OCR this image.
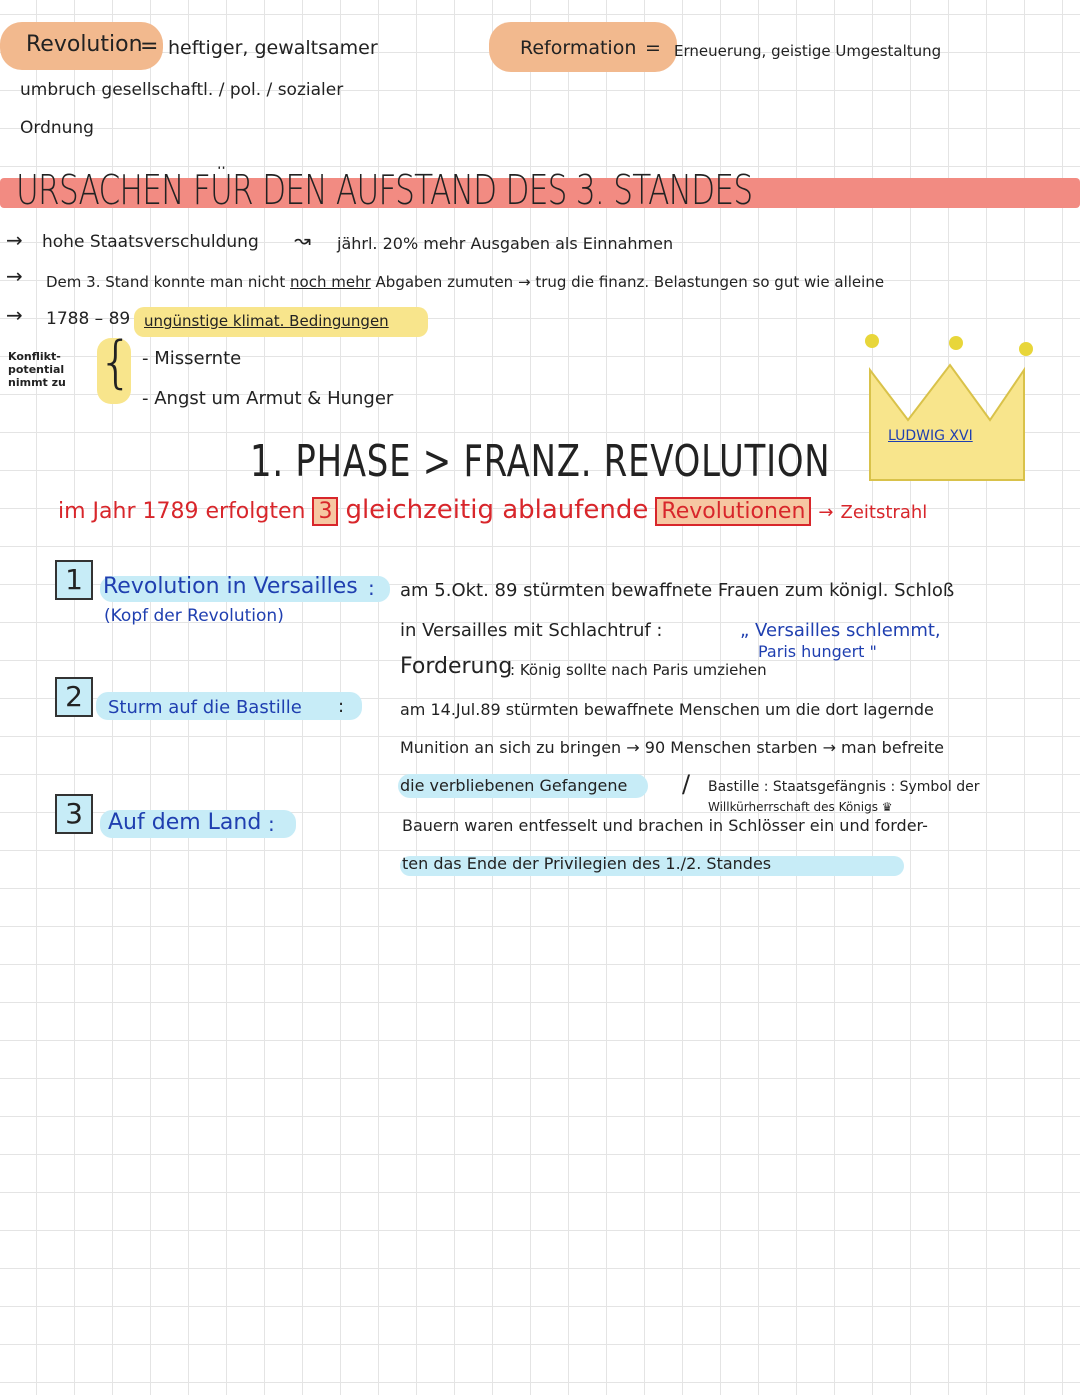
Revolution
= heftiger, gewaltsamer
umbruch gesellschaftl. / pol. / sozialer
Ordnung
Reformation = Erneuerung, geistige Umgestaltung
URSACHEN FÜR DEN AUFSTAND DES 3. STANDES
→ hohe Staatsverschuldung ↝ jährl. 20% mehr Ausgaben als Einnahmen
→ Dem 3. Stand konnte man nicht noch mehr Abgaben zumuten → trug die finanz. Belastungen so gut wie alleine
→ 1788 – 89 ungünstige klimat. Bedingungen
Konflikt-
potential
nimmt zu { - Missernte
- Angst um Armut & Hunger
LUDWIG XVI
1. PHASE > FRANZ. REVOLUTION
im Jahr 1789 erfolgten 3 gleichzeitig ablaufende Revolutionen → Zeitstrahl
1 Revolution in Versailles :
(Kopf der Revolution)
am 5.Okt. 89 stürmten bewaffnete Frauen zum königl. Schloß
in Versailles mit Schlachtruf :	„ Versailles schlemmt,
Paris hungert "
Forderung
: König sollte nach Paris umziehen
2	Sturm auf die Bastille :	am 14.Jul.89 stürmten bewaffnete Menschen um die dort lagernde
Munition an sich zu bringen → 90 Menschen starben → man befreite
die verbliebenen Gefangene / Bastille : Staatsgefängnis : Symbol der
Willkürherrschaft des Königs ♛
3	Auf dem Land :	Bauern waren entfesselt und brachen in Schlösser ein und forder-
ten das Ende der Privilegien des 1./2. Standes
